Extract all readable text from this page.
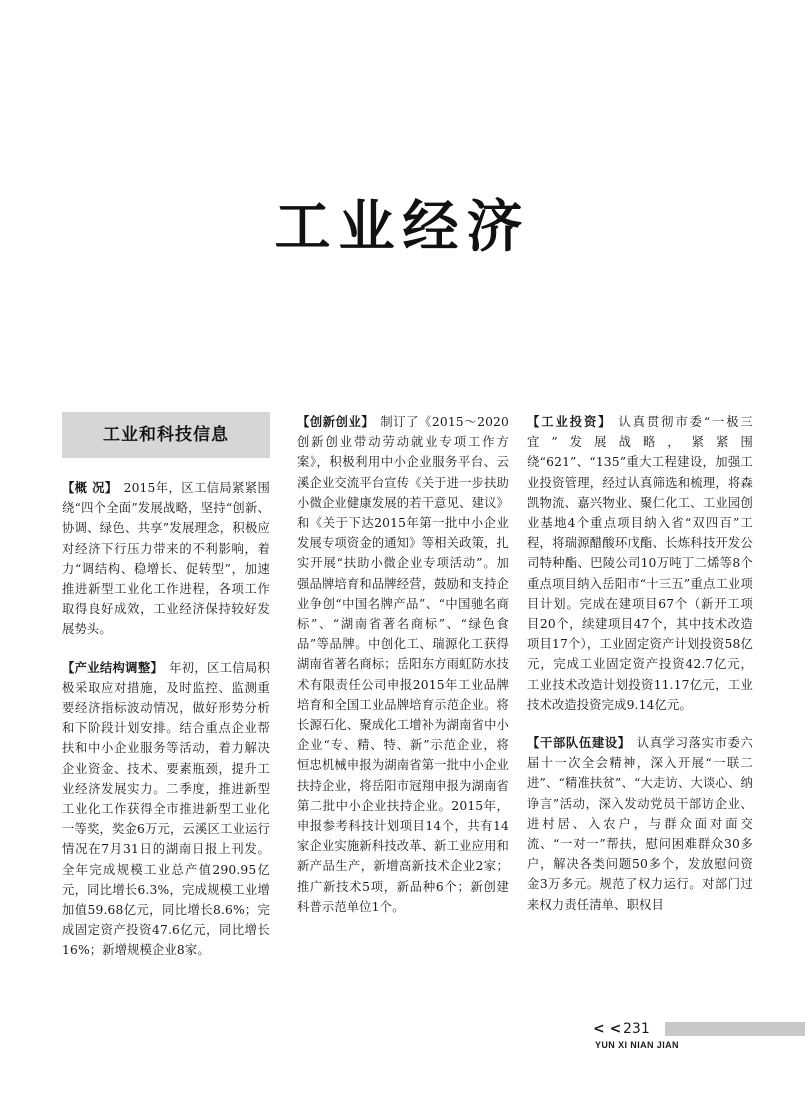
工业经济
工业和科技信息

【概 况】 2015年，区工信局紧紧围绕“四个全面”发展战略，坚持“创新、协调、绿色、共享”发展理念，积极应对经济下行压力带来的不利影响，着力“调结构、稳增长、促转型”，加速推进新型工业化工作进程，各项工作取得良好成效，工业经济保持较好发展势头。

【产业结构调整】 年初，区工信局积极采取应对措施，及时监控、监测重要经济指标波动情况，做好形势分析和下阶段计划安排。结合重点企业帮扶和中小企业服务等活动，着力解决企业资金、技术、要素瓶颈，提升工业经济发展实力。二季度，推进新型工业化工作获得全市推进新型工业化一等奖，奖金6万元，云溪区工业运行情况在7月31日的湖南日报上刊发。全年完成规模工业总产值290.95亿元，同比增长6.3%，完成规模工业增加值59.68亿元，同比增长8.6%；完成固定资产投资47.6亿元，同比增长16%；新增规模企业8家。

【创新创业】 制订了《2015～2020创新创业带动劳动就业专项工作方案》，积极利用中小企业服务平台、云溪企业交流平台宣传《关于进一步扶助小微企业健康发展的若干意见、建议》和《关于下达2015年第一批中小企业发展专项资金的通知》等相关政策，扎实开展“扶助小微企业专项活动”。加强品牌培育和品牌经营，鼓励和支持企业争创“中国名牌产品”、“中国驰名商标”、“湖南省著名商标”、“绿色食品”等品牌。中创化工、瑞源化工获得湖南省著名商标；岳阳东方雨虹防水技术有限责任公司申报2015年工业品牌培育和全国工业品牌培育示范企业。将长源石化、聚成化工增补为湖南省中小企业“专、精、特、新”示范企业，将恒忠机械申报为湖南省第一批中小企业扶持企业，将岳阳市冠翔申报为湖南省第二批中小企业扶持企业。2015年，申报参考科技计划项目14个，共有14家企业实施新科技改革、新工业应用和新产品生产，新增高新技术企业2家；推广新技术5项，新品种6个；新创建科普示范单位1个。

【工业投资】 认真贯彻市委“一极三宜”发展战略，紧紧围绕“621”、“135”重大工程建设，加强工业投资管理，经过认真筛选和梳理，将森凯物流、嘉兴物业、聚仁化工、工业园创业基地4个重点项目纳入省“双四百”工程，将瑞源醋酸环戊酯、长炼科技开发公司特种酯、巴陵公司10万吨丁二烯等8个重点项目纳入岳阳市“十三五”重点工业项目计划。完成在建项目67个（新开工项目20个，续建项目47个，其中技术改造项目17个），工业固定资产计划投资58亿元，完成工业固定资产投资42.7亿元，工业技术改造计划投资11.17亿元，工业技术改造投资完成9.14亿元。

【干部队伍建设】 认真学习落实市委六届十一次全会精神，深入开展“一联二进”、“精准扶贫”、“大走访、大谈心、纳诤言”活动，深入发动党员干部访企业、进村居、入农户，与群众面对面交流、“一对一”帮扶，慰问困难群众30多户，解决各类问题50多个，发放慰问资金3万多元。规范了权力运行。对部门过来权力责任清单、职权目

< < 231
YUN XI NIAN JIAN
